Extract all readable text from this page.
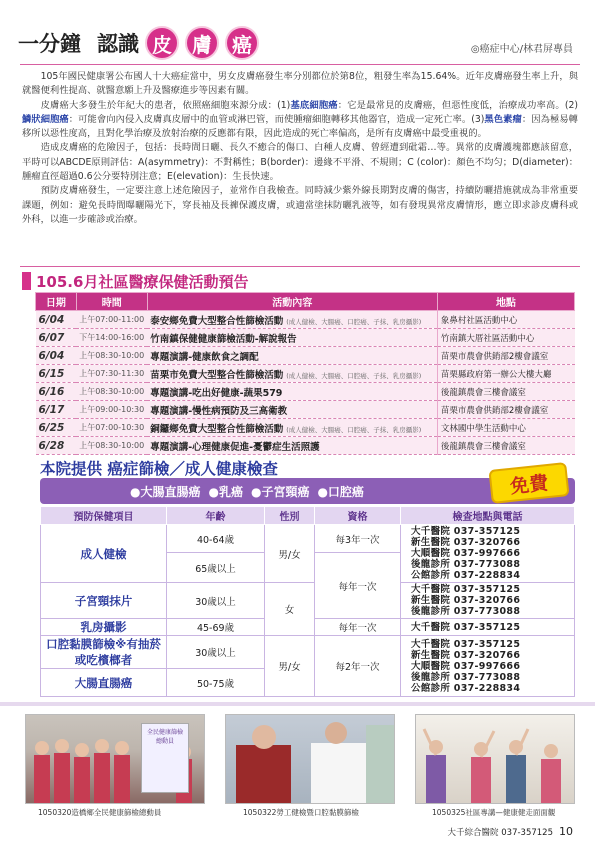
一分鐘 認識 皮	膚	癌	◎癌症中心/林君屏專員

105年國民健康署公布國人十大癌症當中，男女皮膚癌發生率分別都位於第8位，粗發生率為15.64%。近年皮膚癌發生率上升，與就醫便利性提高、就醫意願上升及醫療進步等因素有關。

皮膚癌大多發生於年紀大的患者，依照癌細胞來源分成：(1)基底細胞癌：它是最常見的皮膚癌，但惡性度低，治療成功率高。(2)鱗狀細胞癌：可能會向內侵入皮膚真皮層中的血管或淋巴管，而使腫瘤細胞轉移其他器官，造成一定死亡率。(3)黑色素瘤：因為極易轉移所以惡性度高，且對化學治療及放射治療的反應都有限，因此造成的死亡率偏高，是所有皮膚癌中最受重視的。

造成皮膚癌的危險因子，包括：長時間日曬、長久不癒合的傷口、白種人皮膚、曾經遭到砒霜…等。異常的皮膚護塊都應該留意，平時可以ABCDE原則評估：A(asymmetry)：不對稱性；B(border)：邊緣不平滑、不規則；C (color)：顏色不均匀；D(diameter)：腫瘤直徑超過0.6公分要特別注意；E(elevation)：生長快速。

預防皮膚癌發生，一定要注意上述危險因子，並常作自我檢查。同時減少紫外線長期對皮膚的傷害，持續防曬措施就成為非常重要課題，例如：避免長時間曝曬陽光下，穿長袖及長褲保護皮膚，或適當塗抹防曬乳液等，如有發現異常皮膚情形，應立即求診皮膚科或外科，以進一步確診或治療。

105.6月社區醫療保健活動預告
日期	時間	活動內容	地點
6/04	上午07:00-11:00	泰安鄉免費大型整合性篩檢活動 (成人健檢、大腸癌、口腔癌、子抹、乳房攝影)	象鼻村社區活動中心
6/07	下午14:00-16:00	竹南鎮保健健康篩檢活動-解說報告	竹南鎮大厝社區活動中心
6/04	上午08:30-10:00	專題演講-健康飲食之調配	苗栗市農會供銷部2樓會議室
6/15	上午07:30-11:30	苗栗市免費大型整合性篩檢活動 (成人健檢、大腸癌、口腔癌、子抹、乳房攝影)	苗栗縣政府第一辦公大樓大廳
6/16	上午08:30-10:00	專題演講-吃出好健康-蔬果579	後龍鎮農會三樓會議室
6/17	上午09:00-10:30	專題演講-慢性病預防及三高衛教	苗栗市農會供銷部2樓會議室
6/25	上午07:00-10:30	銅鑼鄉免費大型整合性篩檢活動 (成人健檢、大腸癌、口腔癌、子抹、乳房攝影)	文林國中學生活動中心
6/28	上午08:30-10:00	專題演講-心理健康促進-憂鬱症生活照護	後龍鎮農會三樓會議室
本院提供 癌症篩檢／成人健康檢查
●大腸直腸癌 ●乳癌 ●子宮頸癌 ●口腔癌	免費
預防保健項目	年齡	性別	資格	檢查地點與電話
成人健檢	40-64歲	男/女	每3年一次	大千醫院 037-357125
新生醫院 037-320766
大順醫院 037-997666
後龍診所 037-773088
公館診所 037-228834

	65歲以上		每年一次	
子宮頸抹片	30歲以上	女		大千醫院 037-357125
新生醫院 037-320766
後龍診所 037-773088

乳房攝影	45-69歲		每年一次	大千醫院 037-357125

口腔黏膜篩檢※有抽菸或吃檳榔者	30歲以上	男/女	每2年一次	大千醫院 037-357125
新生醫院 037-320766
大順醫院 037-997666
後龍診所 037-773088
公館診所 037-228834

大腸直腸癌	50-75歲			
全民健康篩檢總動員
1050320造橋鄉全民健康篩檢總動員	1050322勞工健檢暨口腔黏膜篩檢	1050325社區專講—健康健走面面觀
大千綜合醫院 037-357125 10
